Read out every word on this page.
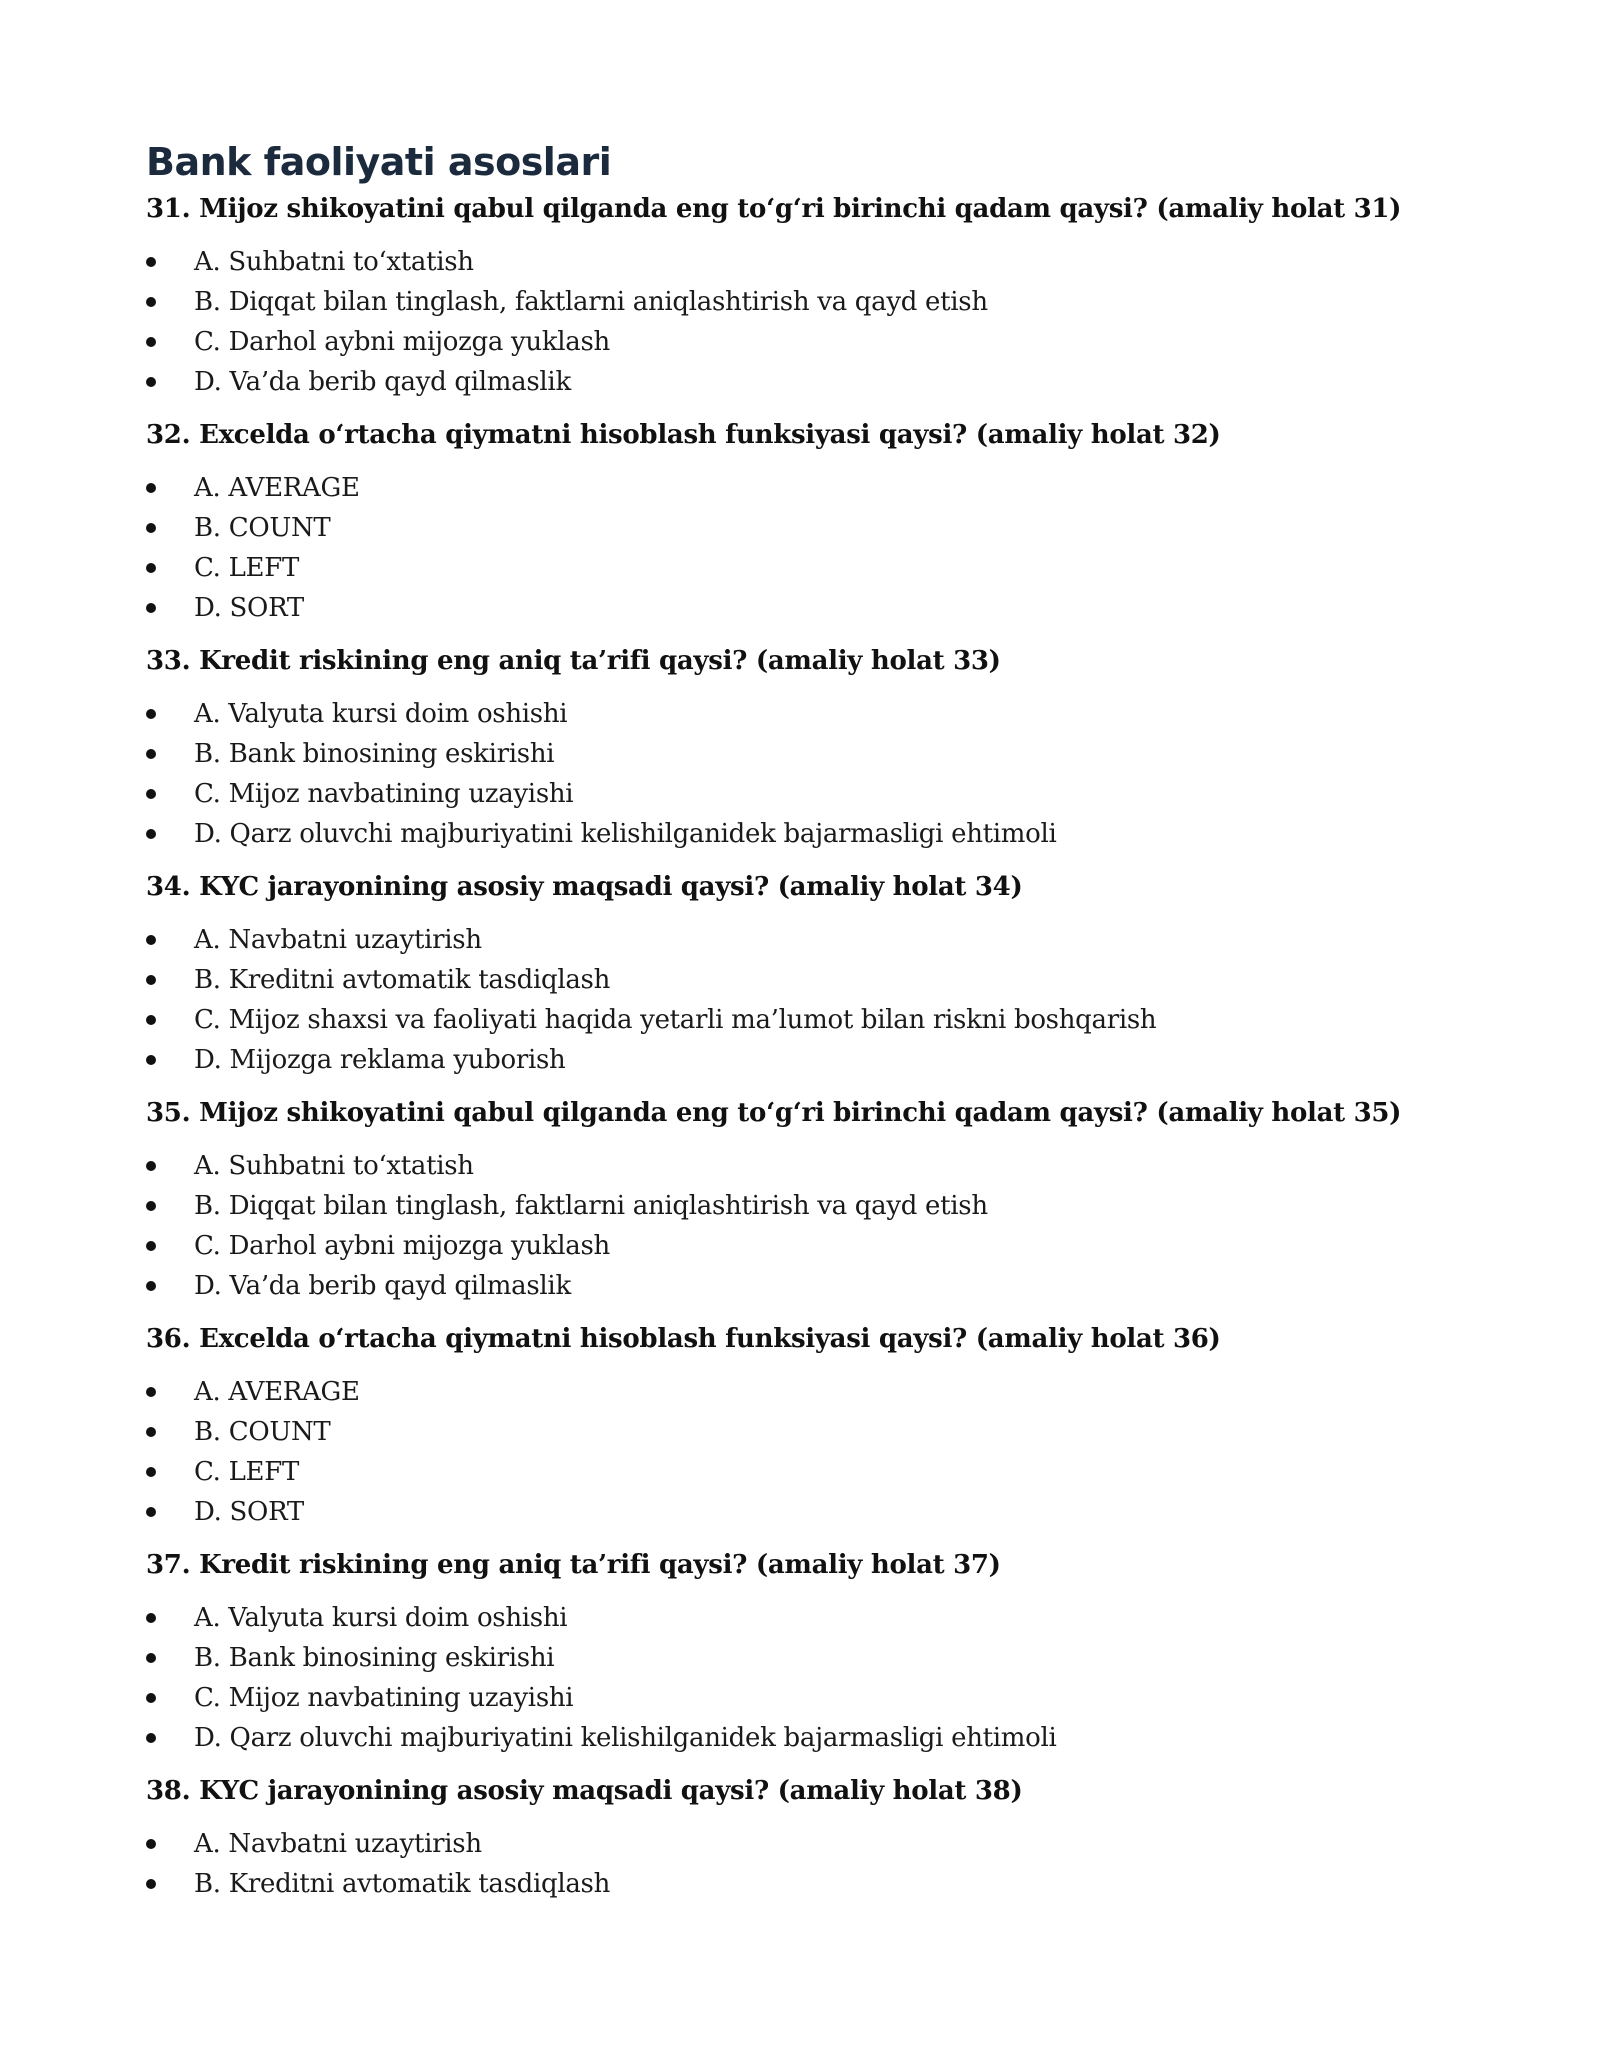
Bank faoliyati asoslari
31. Mijoz shikoyatini qabul qilganda eng to‘g‘ri birinchi qadam qaysi? (amaliy holat 31)
A. Suhbatni to‘xtatish
B. Diqqat bilan tinglash, faktlarni aniqlashtirish va qayd etish
C. Darhol aybni mijozga yuklash
D. Va’da berib qayd qilmaslik
32. Excelda o‘rtacha qiymatni hisoblash funksiyasi qaysi? (amaliy holat 32)
A. AVERAGE
B. COUNT
C. LEFT
D. SORT
33. Kredit riskining eng aniq ta’rifi qaysi? (amaliy holat 33)
A. Valyuta kursi doim oshishi
B. Bank binosining eskirishi
C. Mijoz navbatining uzayishi
D. Qarz oluvchi majburiyatini kelishilganidek bajarmasligi ehtimoli
34. KYC jarayonining asosiy maqsadi qaysi? (amaliy holat 34)
A. Navbatni uzaytirish
B. Kreditni avtomatik tasdiqlash
C. Mijoz shaxsi va faoliyati haqida yetarli ma’lumot bilan riskni boshqarish
D. Mijozga reklama yuborish
35. Mijoz shikoyatini qabul qilganda eng to‘g‘ri birinchi qadam qaysi? (amaliy holat 35)
A. Suhbatni to‘xtatish
B. Diqqat bilan tinglash, faktlarni aniqlashtirish va qayd etish
C. Darhol aybni mijozga yuklash
D. Va’da berib qayd qilmaslik
36. Excelda o‘rtacha qiymatni hisoblash funksiyasi qaysi? (amaliy holat 36)
A. AVERAGE
B. COUNT
C. LEFT
D. SORT
37. Kredit riskining eng aniq ta’rifi qaysi? (amaliy holat 37)
A. Valyuta kursi doim oshishi
B. Bank binosining eskirishi
C. Mijoz navbatining uzayishi
D. Qarz oluvchi majburiyatini kelishilganidek bajarmasligi ehtimoli
38. KYC jarayonining asosiy maqsadi qaysi? (amaliy holat 38)
A. Navbatni uzaytirish
B. Kreditni avtomatik tasdiqlash
